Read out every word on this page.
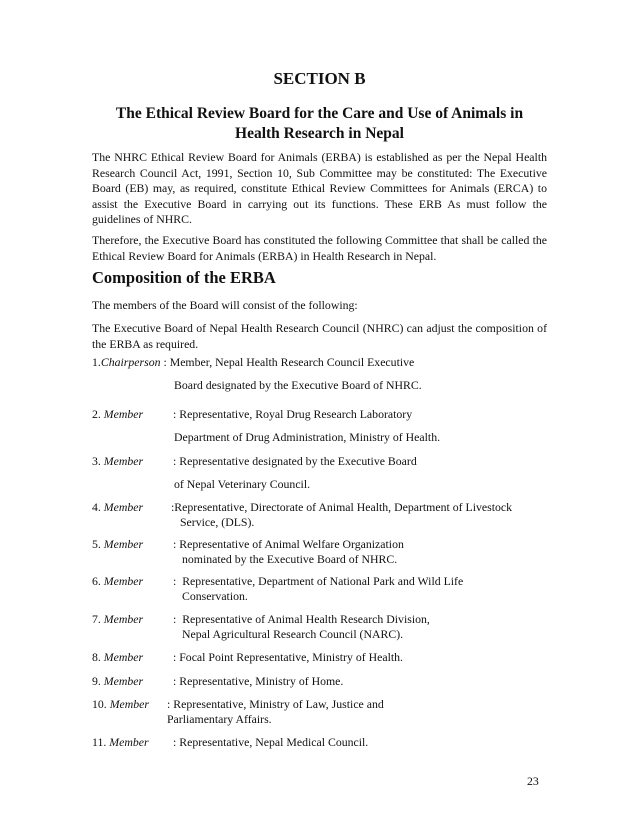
SECTION B
The Ethical Review Board for the Care and Use of Animals in
Health Research in Nepal

The NHRC Ethical Review Board for Animals (ERBA) is established as per the Nepal Health Research Council Act, 1991, Section 10, Sub Committee may be constituted: The Executive Board (EB) may, as required, constitute Ethical Review Committees for Animals (ERCA) to assist the Executive Board in carrying out its functions. These ERB As must follow the guidelines of NHRC.

Therefore, the Executive Board has constituted the following Committee that shall be called the Ethical Review Board for Animals (ERBA) in Health Research in Nepal.

Composition of the ERBA

The members of the Board will consist of the following:

The Executive Board of Nepal Health Research Council (NHRC) can adjust the composition of the ERBA as required.

1.Chairperson : Member, Nepal Health Research Council Executive
Board designated by the Executive Board of NHRC.
2. Member	: Representative, Royal Drug Research Laboratory
Department of Drug Administration, Ministry of Health.
3. Member	: Representative designated by the Executive Board
of Nepal Veterinary Council.
4. Member :Representative, Directorate of Animal Health, Department of Livestock
Service, (DLS).
5. Member	: Representative of Animal Welfare Organization
nominated by the Executive Board of NHRC.
6. Member	:  Representative, Department of National Park and Wild Life
Conservation.
7. Member	:  Representative of Animal Health Research Division,
Nepal Agricultural Research Council (NARC).
8. Member	: Focal Point Representative, Ministry of Health.
9. Member	: Representative, Ministry of Home.
10. Member : Representative, Ministry of Law, Justice and
Parliamentary Affairs.
11. Member : Representative, Nepal Medical Council.
23
